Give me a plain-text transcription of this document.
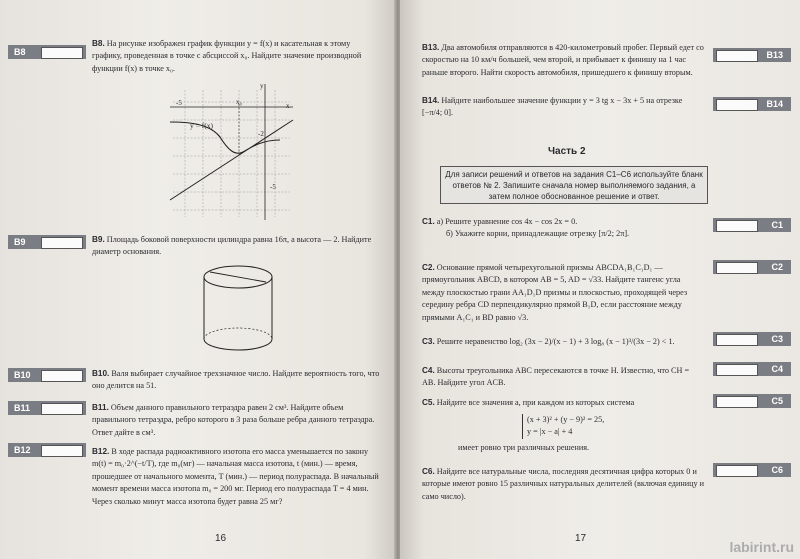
B8
B9
B10
B11
B12
B8. На рисунке изображен график функции y = f(x) и касательная к этому графику, проведенная в точке с абсциссой x₀. Найдите значение производной функции f(x) в точке x₀.
-5	x₀
y
x
y = f(x)
-2
-5
B9. Площадь боковой поверхности цилиндра равна 16π, а высота — 2. Найдите диаметр основания.
B10. Валя выбирает случайное трехзначное число. Найдите вероятность того, что оно делится на 51.
B11. Объем данного правильного тетраэдра равен 2 см³. Найдите объем правильного тетраэдра, ребро которого в 3 раза больше ребра данного тетраэдра. Ответ дайте в см³.
B12. В ходе распада радиоактивного изотопа его масса уменьшается по закону m(t) = m₀·2^(−t/T), где m₀(мг) — начальная масса изотопа, t (мин.) — время, прошедшее от начального момента, T (мин.) — период полураспада. В начальный момент времени масса изотопа m₀ = 200 мг. Период его полураспада T = 4 мин. Через сколько минут масса изотопа будет равна 25 мг?
16
B13
B14
C1
C2
C3
C4
C5
C6
B13. Два автомобиля отправляются в 420-километровый пробег. Первый едет со скоростью на 10 км/ч большей, чем второй, и прибывает к финишу на 1 час раньше второго. Найти скорость автомобиля, пришедшего к финишу вторым.
B14. Найдите наибольшее значение функции y = 3 tg x − 3x + 5 на отрезке [−π/4; 0].
Часть 2
Для записи решений и ответов на задания С1–С6 используйте бланк ответов № 2. Запишите сначала номер выполняемого задания, а затем полное обоснованное решение и ответ.
C1. а) Решите уравнение cos 4x − cos 2x = 0.
б) Укажите корни, принадлежащие отрезку [π/2; 2π].
C2. Основание прямой четырехугольной призмы ABCDA₁B₁C₁D₁ — прямоугольник ABCD, в котором AB = 5, AD = √33. Найдите тангенс угла между плоскостью грани AA₁D₁D призмы и плоскостью, проходящей через середину ребра CD перпендикулярно прямой B₁D, если расстояние между прямыми A₁C₁ и BD равно √3.
C3. Решите неравенство log₂ (3x − 2)/(x − 1) + 3 log₈ (x − 1)³/(3x − 2) < 1.
C4. Высоты треугольника ABC пересекаются в точке H. Известно, что CH = AB. Найдите угол ACB.
C5. Найдите все значения a, при каждом из которых система
(x + 3)² + (y − 9)² = 25,
y = |x − a| + 4
имеет ровно три различных решения.
C6. Найдите все натуральные числа, последняя десятичная цифра которых 0 и которые имеют ровно 15 различных натуральных делителей (включая единицу и само число).
17
labirint.ru
